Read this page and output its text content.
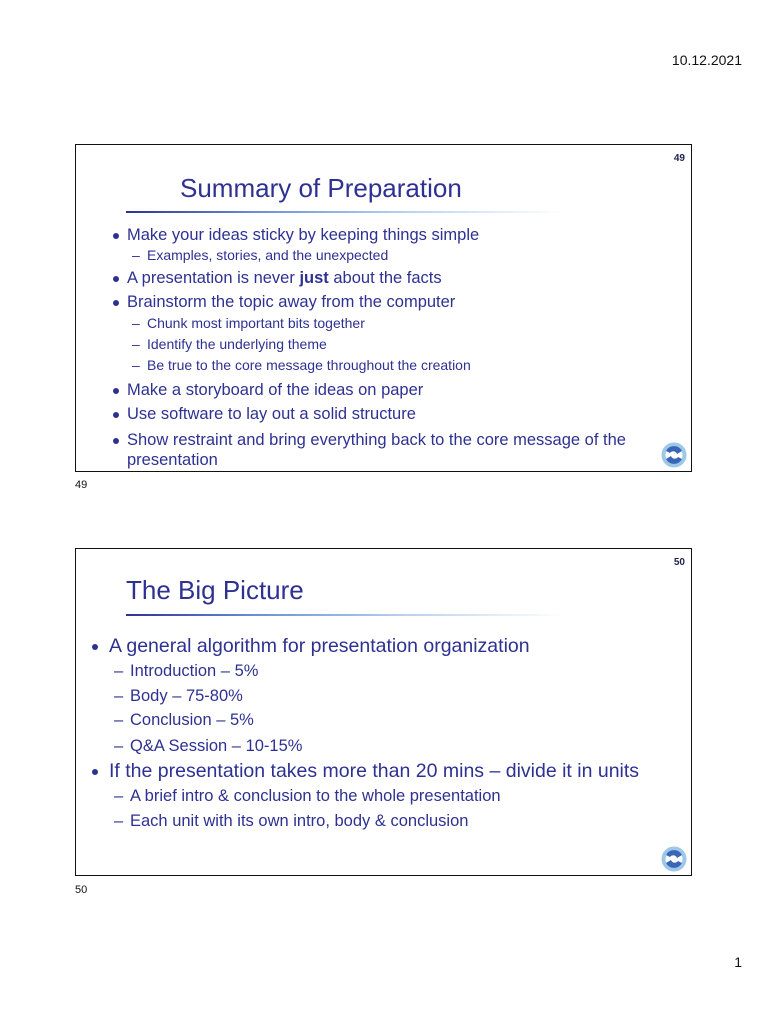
10.12.2021
49
Summary of Preparation
Make your ideas sticky by keeping things simple
– Examples, stories, and the unexpected
A presentation is never just about the facts
Brainstorm the topic away from the computer
– Chunk most important bits together
– Identify the underlying theme
– Be true to the core message throughout the creation
Make a storyboard of the ideas on paper
Use software to lay out a solid structure
Show restraint and bring everything back to the core message of the presentation
49
50
The Big Picture
A general algorithm for presentation organization
– Introduction – 5%
– Body – 75-80%
– Conclusion – 5%
– Q&A Session – 10-15%
If the presentation takes more than 20 mins – divide it in units
– A brief intro & conclusion to the whole presentation
– Each unit with its own intro, body & conclusion
50
1
